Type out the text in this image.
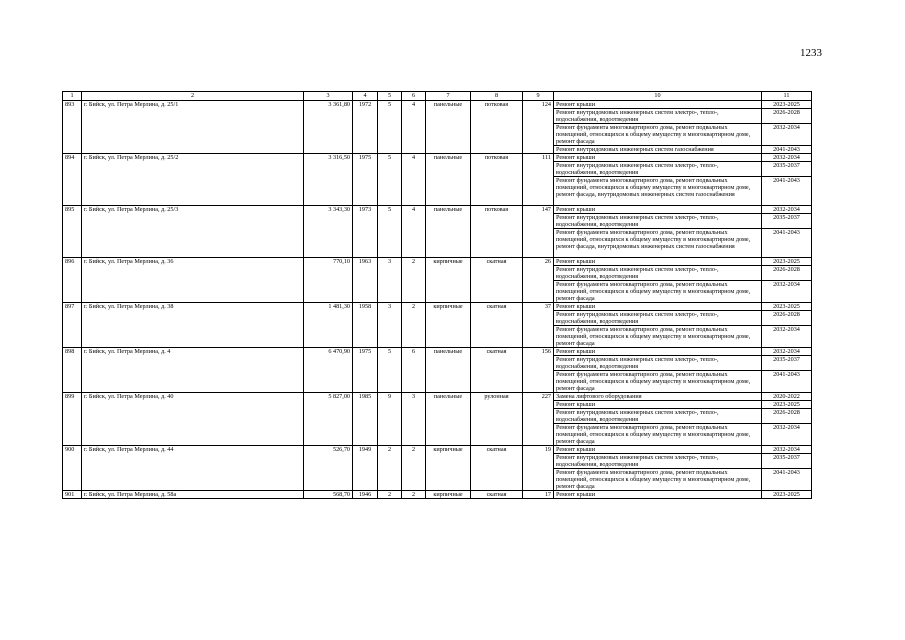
1233
1	2	3	4	5	6	7	8	9	10	11
893	г. Бийск, ул. Петра Мерлина, д. 25/1	3 361,80	1972	5	4	панельные	потковая	124	Ремонт крыши	2023-2025
									Ремонт внутридомовых инженерных систем электро-, тепло-, водоснабжения, водоотведения	2026-2028
									Ремонт фундамента многоквартирного дома, ремонт подвальных помещений, относящихся к общему имуществу в многоквартирном доме, ремонт фасада	2032-2034
									Ремонт внутридомовых инженерных систем газоснабжения	2041-2043
894	г. Бийск, ул. Петра Мерлина, д. 25/2	3 316,50	1975	5	4	панельные	потковая	111	Ремонт крыши	2032-2034
									Ремонт внутридомовых инженерных систем электро-, тепло-, водоснабжения, водоотведения	2035-2037
									Ремонт фундамента многоквартирного дома, ремонт подвальных помещений, относящихся к общему имуществу в многоквартирном доме, ремонт фасада, внутридомовых инженерных систем газоснабжения	2041-2043
895	г. Бийск, ул. Петра Мерлина, д. 25/3	3 343,30	1973	5	4	панельные	потковая	147	Ремонт крыши	2032-2034
									Ремонт внутридомовых инженерных систем электро-, тепло-, водоснабжения, водоотведения	2035-2037
									Ремонт фундамента многоквартирного дома, ремонт подвальных помещений, относящихся к общему имуществу в многоквартирном доме, ремонт фасада, внутридомовых инженерных систем газоснабжения	2041-2043
896	г. Бийск, ул. Петра Мерлина, д. 36	770,10	1963	3	2	кирпичные	скатная	26	Ремонт крыши	2023-2025
									Ремонт внутридомовых инженерных систем электро-, тепло-, водоснабжения, водоотведения	2026-2028
									Ремонт фундамента многоквартирного дома, ремонт подвальных помещений, относящихся к общему имуществу в многоквартирном доме, ремонт фасада	2032-2034
897	г. Бийск, ул. Петра Мерлина, д. 38	1 481,30	1958	3	2	кирпичные	скатная	37	Ремонт крыши	2023-2025
									Ремонт внутридомовых инженерных систем электро-, тепло-, водоснабжения, водоотведения	2026-2028
									Ремонт фундамента многоквартирного дома, ремонт подвальных помещений, относящихся к общему имуществу в многоквартирном доме, ремонт фасада	2032-2034
898	г. Бийск, ул. Петра Мерлина, д. 4	6 470,90	1975	5	6	панельные	скатная	156	Ремонт крыши	2032-2034
									Ремонт внутридомовых инженерных систем электро-, тепло-, водоснабжения, водоотведения	2035-2037
									Ремонт фундамента многоквартирного дома, ремонт подвальных помещений, относящихся к общему имуществу в многоквартирном доме, ремонт фасада	2041-2043
899	г. Бийск, ул. Петра Мерлина, д. 40	5 827,00	1985	9	3	панельные	рулонная	227	Замена лифтового оборудования	2020-2022
									Ремонт крыши	2023-2025
									Ремонт внутридомовых инженерных систем электро-, тепло-, водоснабжения, водоотведения	2026-2028
									Ремонт фундамента многоквартирного дома, ремонт подвальных помещений, относящихся к общему имуществу в многоквартирном доме, ремонт фасада	2032-2034
900	г. Бийск, ул. Петра Мерлина, д. 44	526,70	1949	2	2	кирпичные	скатная	19	Ремонт крыши	2032-2034
									Ремонт внутридомовых инженерных систем электро-, тепло-, водоснабжения, водоотведения	2035-2037
									Ремонт фундамента многоквартирного дома, ремонт подвальных помещений, относящихся к общему имуществу в многоквартирном доме, ремонт фасада	2041-2043
901	г. Бийск, ул. Петра Мерлина, д. 58а	568,70	1946	2	2	кирпичные	скатная	17	Ремонт крыши	2023-2025
